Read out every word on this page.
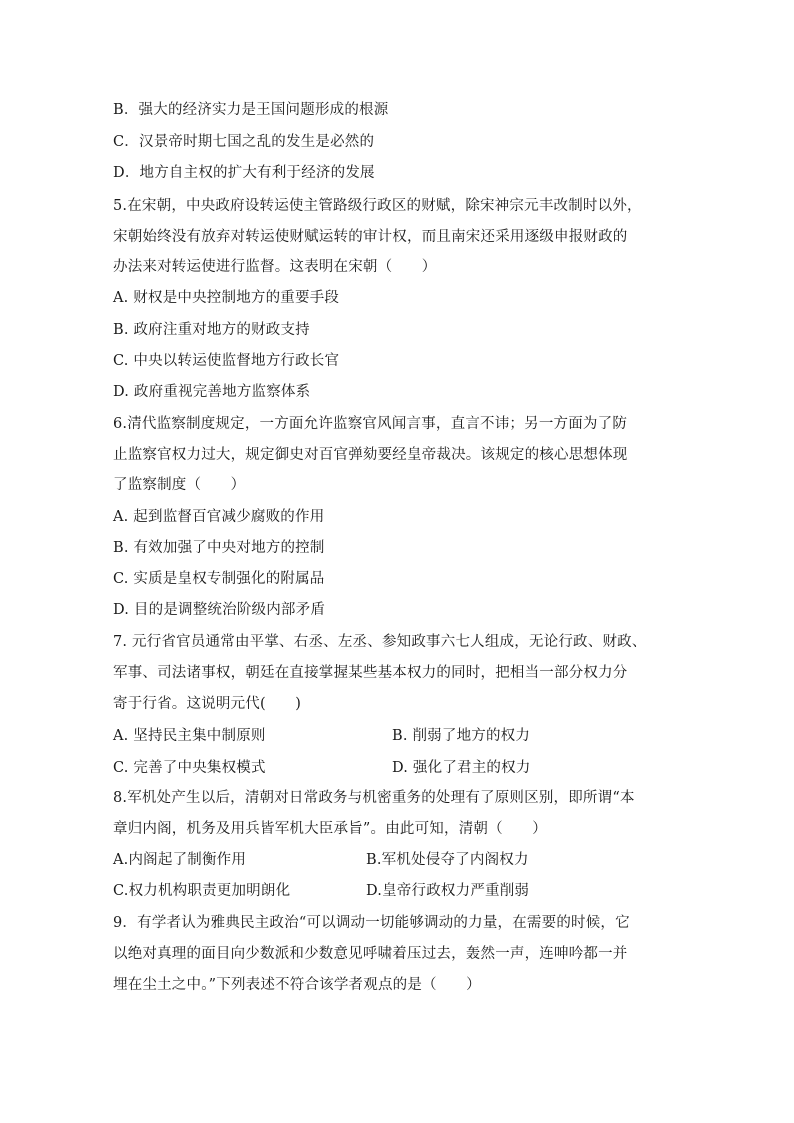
B．强大的经济实力是王国问题形成的根源
C．汉景帝时期七国之乱的发生是必然的
D．地方自主权的扩大有利于经济的发展
5.在宋朝，中央政府设转运使主管路级行政区的财赋，除宋神宗元丰改制时以外，
宋朝始终没有放弃对转运使财赋运转的审计权，而且南宋还采用逐级申报财政的
办法来对转运使进行监督。这表明在宋朝（　　）
A. 财权是中央控制地方的重要手段
B. 政府注重对地方的财政支持
C. 中央以转运使监督地方行政长官
D. 政府重视完善地方监察体系
6.清代监察制度规定，一方面允许监察官风闻言事，直言不讳；另一方面为了防
止监察官权力过大，规定御史对百官弹劾要经皇帝裁决。该规定的核心思想体现
了监察制度（　　）
A. 起到监督百官减少腐败的作用
B. 有效加强了中央对地方的控制
C. 实质是皇权专制强化的附属品
D. 目的是调整统治阶级内部矛盾
7. 元行省官员通常由平掌、右丞、左丞、参知政事六七人组成，无论行政、财政、
军事、司法诸事权，朝廷在直接掌握某些基本权力的同时，把相当一部分权力分
寄于行省。这说明元代(　　)
A. 坚持民主集中制原则	B. 削弱了地方的权力
C. 完善了中央集权模式	D. 强化了君主的权力
8.军机处产生以后，清朝对日常政务与机密重务的处理有了原则区别，即所谓“本
章归内阁，机务及用兵皆军机大臣承旨”。由此可知，清朝（　　）
A.内阁起了制衡作用	B.军机处侵夺了内阁权力
C.权力机构职责更加明朗化	D.皇帝行政权力严重削弱
9．有学者认为雅典民主政治“可以调动一切能够调动的力量，在需要的时候，它
以绝对真理的面目向少数派和少数意见呼啸着压过去，轰然一声，连呻吟都一并
埋在尘土之中。”下列表述不符合该学者观点的是（　　）
